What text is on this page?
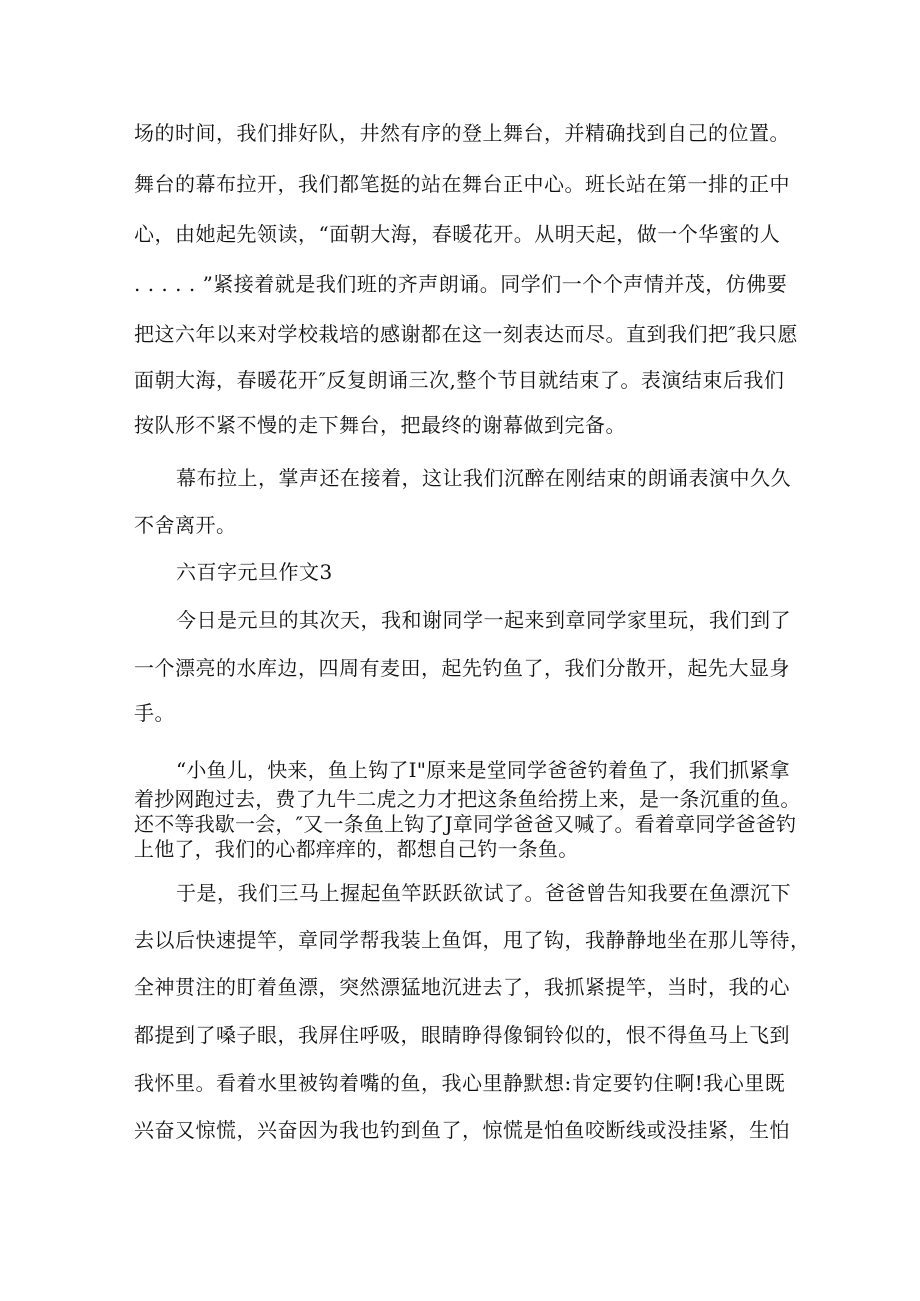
场的时间，我们排好队，井然有序的登上舞台，并精确找到自己的位置。
舞台的幕布拉开，我们都笔挺的站在舞台正中心。班长站在第一排的正中
心，由她起先领读，“面朝大海，春暖花开。从明天起，做一个华蜜的人
. . . . . ”紧接着就是我们班的齐声朗诵。同学们一个个声情并茂，仿佛要
把这六年以来对学校栽培的感谢都在这一刻表达而尽。直到我们把″我只愿
面朝大海，春暖花开″反复朗诵三次,整个节目就结束了。表演结束后我们
按队形不紧不慢的走下舞台，把最终的谢幕做到完备。
幕布拉上，掌声还在接着，这让我们沉醉在刚结束的朗诵表演中久久
不舍离开。
六百字元旦作文3
今日是元旦的其次天，我和谢同学一起来到章同学家里玩，我们到了
一个漂亮的水库边，四周有麦田，起先钓鱼了，我们分散开，起先大显身
手。
“小鱼儿，快来，鱼上钩了I"原来是堂同学爸爸钓着鱼了，我们抓紧拿
着抄网跑过去，费了九牛二虎之力才把这条鱼给捞上来，是一条沉重的鱼。
还不等我歇一会，″又一条鱼上钩了J章同学爸爸又喊了。看着章同学爸爸钓
上他了，我们的心都痒痒的，都想自己钓一条鱼。
于是，我们三马上握起鱼竿跃跃欲试了。爸爸曾告知我要在鱼漂沉下
去以后快速提竿，章同学帮我装上鱼饵，甩了钩，我静静地坐在那儿等待，
全神贯注的盯着鱼漂，突然漂猛地沉进去了，我抓紧提竿，当时，我的心
都提到了嗓子眼，我屏住呼吸，眼睛睁得像铜铃似的，恨不得鱼马上飞到
我怀里。看着水里被钩着嘴的鱼，我心里静默想:肯定要钓住啊!我心里既
兴奋又惊慌，兴奋因为我也钓到鱼了，惊慌是怕鱼咬断线或没挂紧，生怕
